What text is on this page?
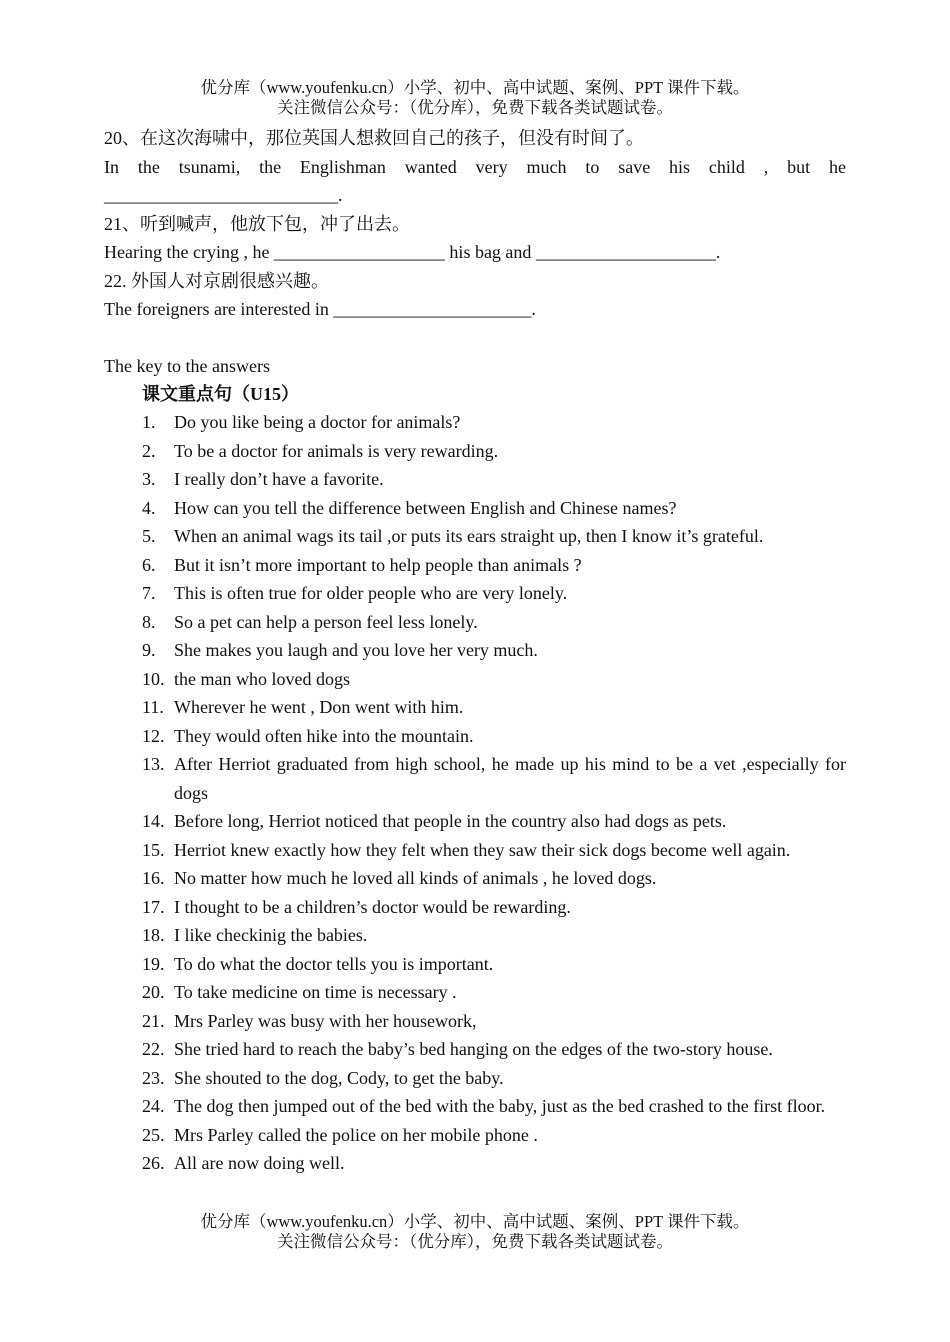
优分库（www.youfenku.cn）小学、初中、高中试题、案例、PPT 课件下载。
关注微信公众号：（优分库），免费下载各类试题试卷。
20、在这次海啸中，那位英国人想救回自己的孩子，但没有时间了。
In the tsunami, the Englishman wanted very much to save his child , but he
__________________________.
21、听到喊声，他放下包，冲了出去。
Hearing the crying , he ___________________ his bag and ____________________.
22. 外国人对京剧很感兴趣。
The foreigners are interested in ______________________.
The key to the answers
课文重点句（U15）
1.	Do you like being a doctor for animals?
2.	To be a doctor for animals is very rewarding.
3.	I really don’t have a favorite.
4.	How can you tell the difference between English and Chinese names?
5.	When an animal wags its tail ,or puts its ears straight up, then I know it’s grateful.
6.	But it isn’t more important to help people than animals ?
7.	This is often true for older people who are very lonely.
8.	So a pet can help a person feel less lonely.
9.	She makes you laugh and you love her very much.
10. the man who loved dogs
11. Wherever he went , Don went with him.
12. They would often hike into the mountain.
13. After Herriot graduated from high school, he made up his mind to be a vet ,especially for dogs
14. Before long, Herriot noticed that people in the country also had dogs as pets.
15. Herriot knew exactly how they felt when they saw their sick dogs become well again.
16. No matter how much he loved all kinds of animals , he loved dogs.
17. I thought to be a children’s doctor would be rewarding.
18. I like checkinig the babies.
19. To do what the doctor tells you is important.
20. To take medicine on time is necessary .
21. Mrs Parley was busy with her housework,
22. She tried hard to reach the baby’s bed hanging on the edges of the two-story house.
23. She shouted to the dog, Cody, to get the baby.
24. The dog then jumped out of the bed with the baby, just as the bed crashed to the first floor.
25. Mrs Parley called the police on her mobile phone .
26. All are now doing well.
优分库（www.youfenku.cn）小学、初中、高中试题、案例、PPT 课件下载。
关注微信公众号：（优分库），免费下载各类试题试卷。
